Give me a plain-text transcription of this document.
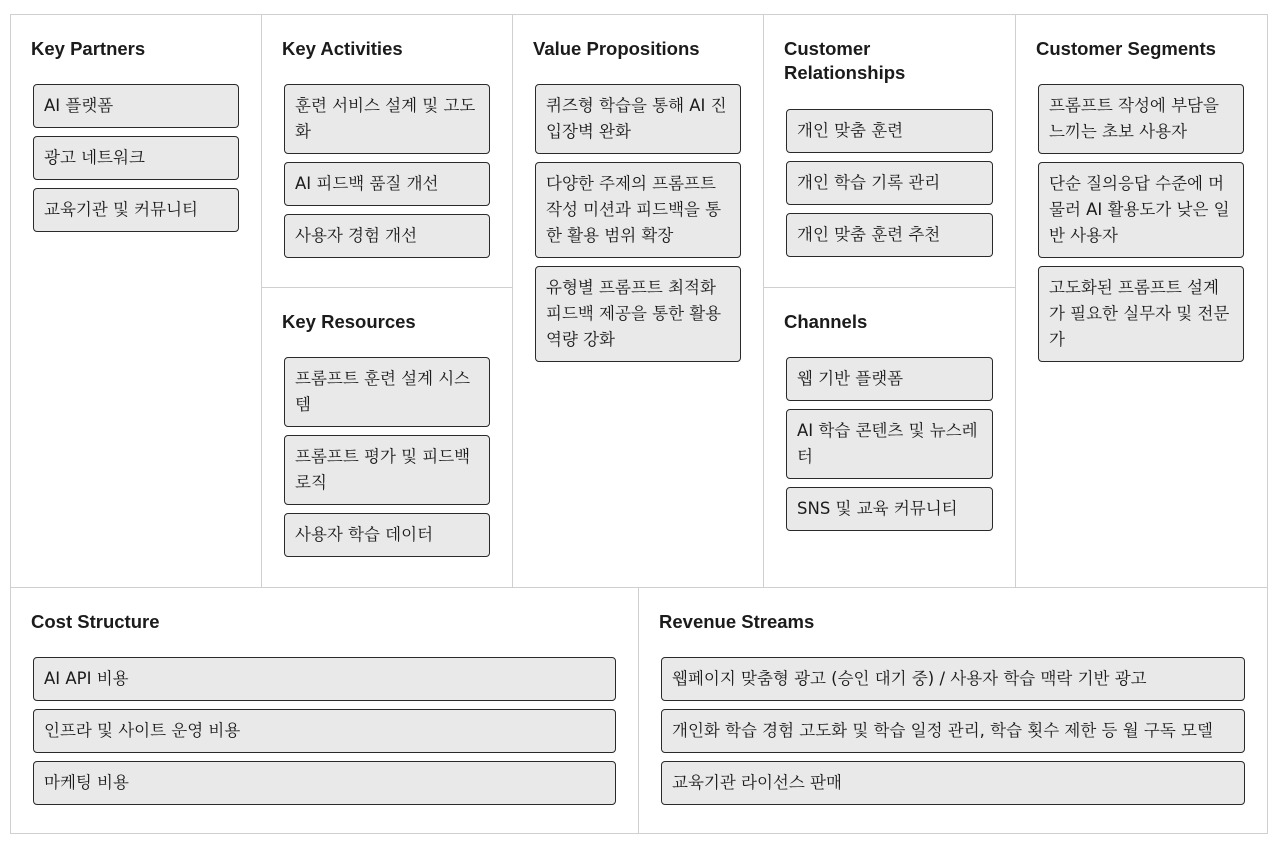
Key Partners
AI 플랫폼
광고 네트워크
교육기관 및 커뮤니티
Key Activities
훈련 서비스 설계 및 고도화
AI 피드백 품질 개선
사용자 경험 개선
Key Resources
프롬프트 훈련 설계 시스템
프롬프트 평가 및 피드백 로직
사용자 학습 데이터
Value Propositions
퀴즈형 학습을 통해 AI 진입장벽 완화
다양한 주제의 프롬프트 작성 미션과 피드백을 통한 활용 범위 확장
유형별 프롬프트 최적화 피드백 제공을 통한 활용 역량 강화
Customer Relationships
개인 맞춤 훈련
개인 학습 기록 관리
개인 맞춤 훈련 추천
Channels
웹 기반 플랫폼
AI 학습 콘텐츠 및 뉴스레터
SNS 및 교육 커뮤니티
Customer Segments
프롬프트 작성에 부담을 느끼는 초보 사용자
단순 질의응답 수준에 머물러 AI 활용도가 낮은 일반 사용자
고도화된 프롬프트 설계가 필요한 실무자 및 전문가
Cost Structure
AI API 비용
인프라 및 사이트 운영 비용
마케팅 비용
Revenue Streams
웹페이지 맞춤형 광고 (승인 대기 중) / 사용자 학습 맥락 기반 광고
개인화 학습 경험 고도화 및 학습 일정 관리, 학습 횟수 제한 등 월 구독 모델
교육기관 라이선스 판매
